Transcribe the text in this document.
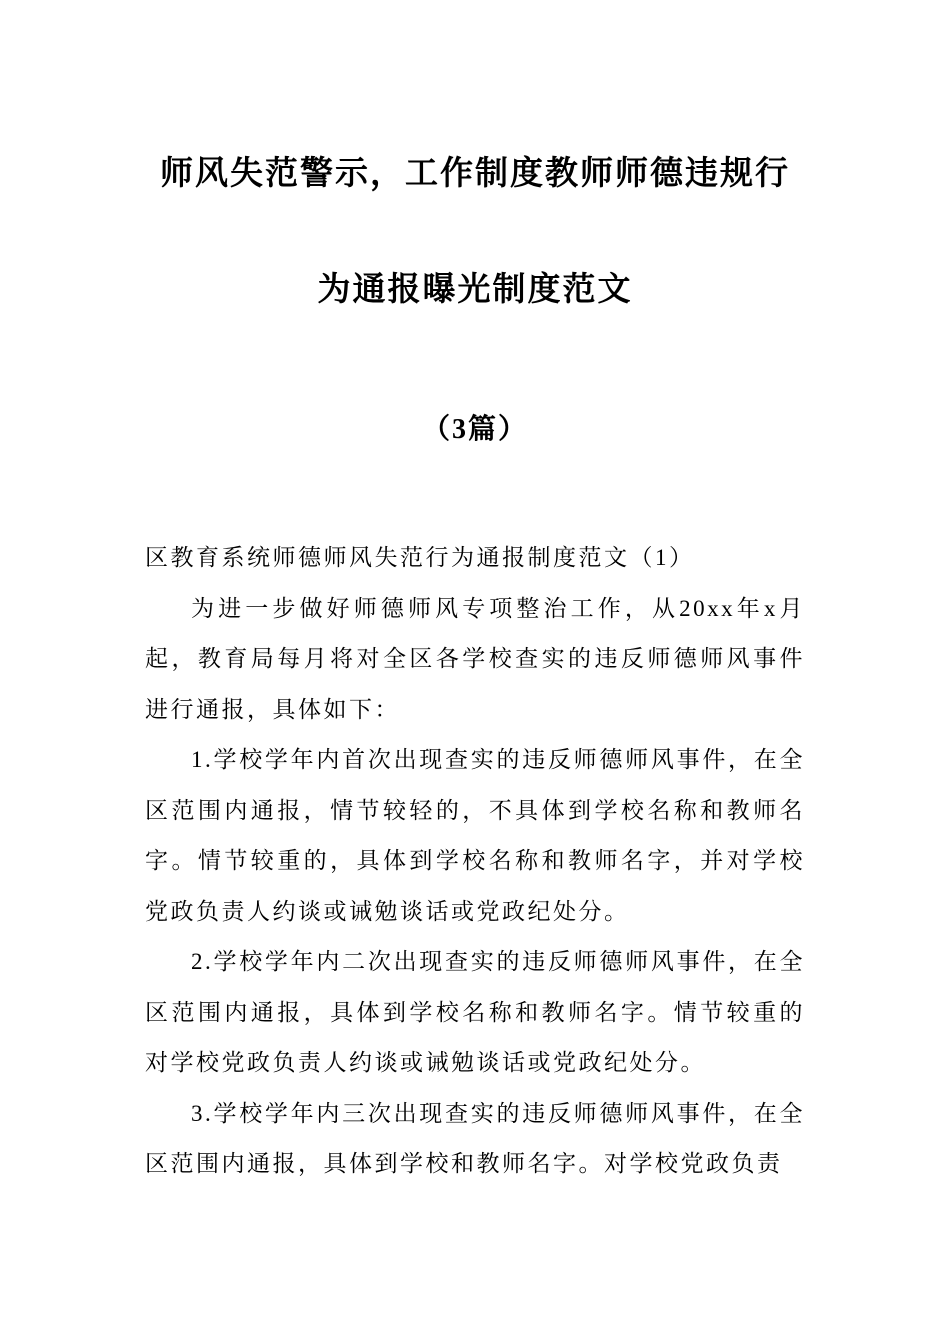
师风失范警示，工作制度教师师德违规行
为通报曝光制度范文
（3篇）

区教育系统师德师风失范行为通报制度范文（1）

为进一步做好师德师风专项整治工作，从20xx年x月起，教育局每月将对全区各学校查实的违反师德师风事件进行通报，具体如下：

1.学校学年内首次出现查实的违反师德师风事件，在全区范围内通报，情节较轻的，不具体到学校名称和教师名字。情节较重的，具体到学校名称和教师名字，并对学校党政负责人约谈或诫勉谈话或党政纪处分。

2.学校学年内二次出现查实的违反师德师风事件，在全区范围内通报，具体到学校名称和教师名字。情节较重的对学校党政负责人约谈或诫勉谈话或党政纪处分。

3.学校学年内三次出现查实的违反师德师风事件，在全区范围内通报，具体到学校和教师名字。对学校党政负责
